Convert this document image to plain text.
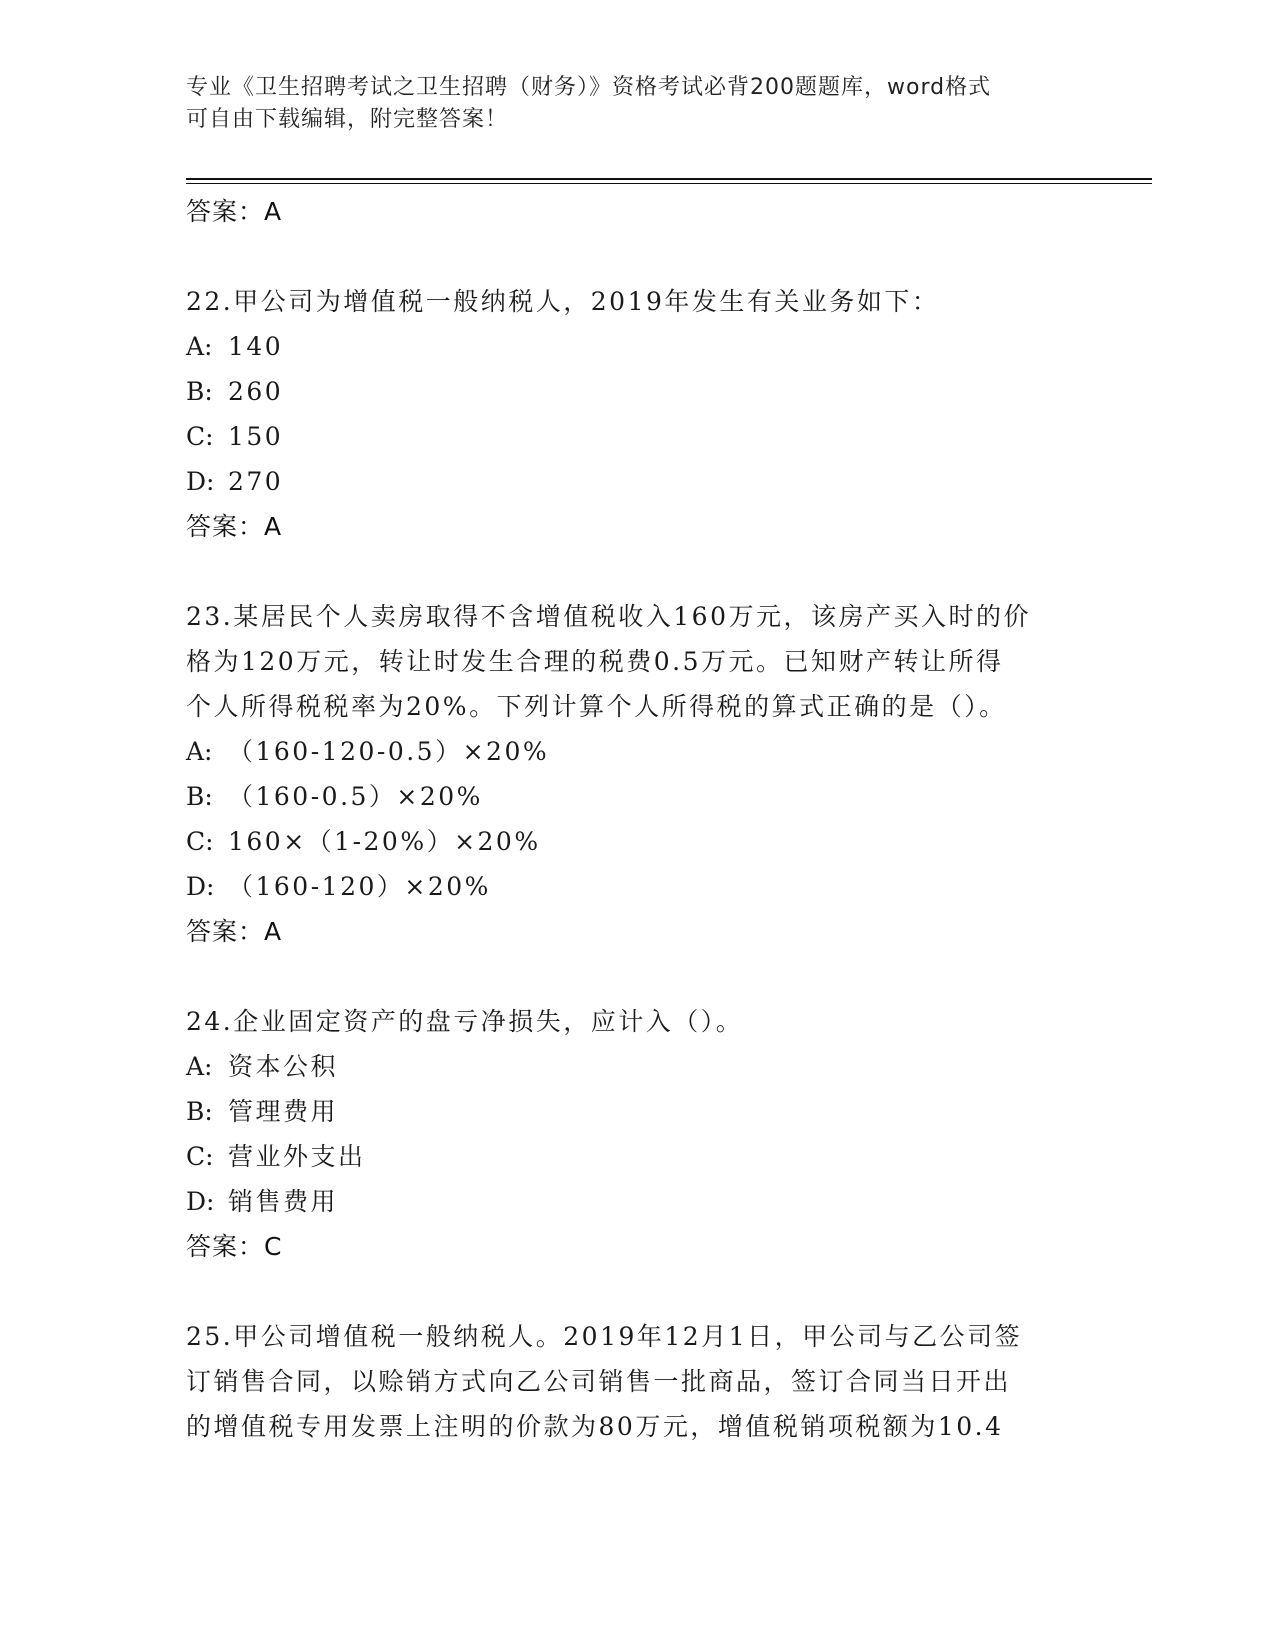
专业《卫生招聘考试之卫生招聘（财务）》资格考试必背200题题库，word格式
可自由下载编辑，附完整答案！
答案：A
22.甲公司为增值税一般纳税人，2019年发生有关业务如下：
A: 140
B: 260
C: 150
D: 270
答案：A
23.某居民个人卖房取得不含增值税收入160万元，该房产买入时的价
格为120万元，转让时发生合理的税费0.5万元。已知财产转让所得
个人所得税税率为20%。下列计算个人所得税的算式正确的是（）。
A: （160-120-0.5）×20%
B: （160-0.5）×20%
C: 160×（1-20%）×20%
D: （160-120）×20%
答案：A
24.企业固定资产的盘亏净损失，应计入（）。
A: 资本公积
B: 管理费用
C: 营业外支出
D: 销售费用
答案：C
25.甲公司增值税一般纳税人。2019年12月1日，甲公司与乙公司签
订销售合同，以赊销方式向乙公司销售一批商品，签订合同当日开出
的增值税专用发票上注明的价款为80万元，增值税销项税额为10.4
